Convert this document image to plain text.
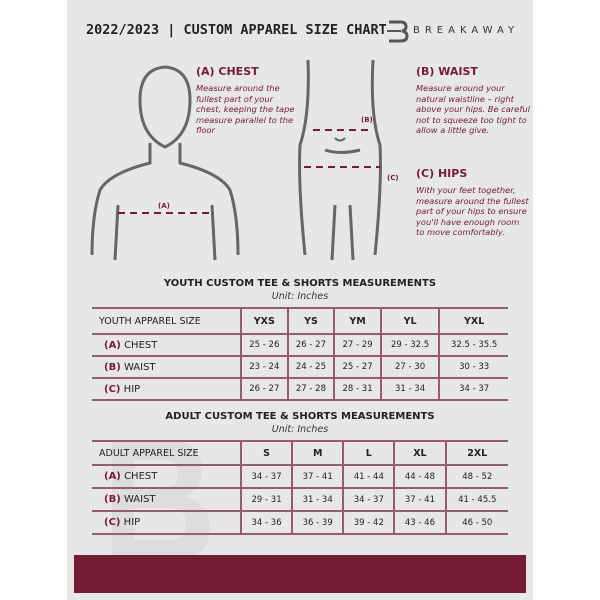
2022/2023 | CUSTOM APPAREL SIZE CHART	BREAKAWAY
(A)
(B)
(C)
(A) CHEST
Measure around the fullest part of your chest, keeping the tape measure parallel to the floor
(B) WAIST
Measure around your natural waistline – right above your hips. Be careful not to squeeze too tight to allow a little give.
(C) HIPS
With your feet together, measure around the fullest part of your hips to ensure you'll have enough room to move comfortably.
YOUTH CUSTOM TEE & SHORTS MEASUREMENTS
Unit: Inches
YOUTH APPAREL SIZE	YXS	YS	YM	YL	YXL
(A) CHEST	25 - 26	26 - 27	27 - 29	29 - 32.5	32.5 - 35.5
(B) WAIST	23 - 24	24 - 25	25 - 27	27 - 30	30 - 33
(C) HIP	26 - 27	27 - 28	28 - 31	31 - 34	34 - 37
ADULT CUSTOM TEE & SHORTS MEASUREMENTS
Unit: Inches
ADULT APPAREL SIZE	S	M	L	XL	2XL
(A) CHEST	34 - 37	37 - 41	41 - 44	44 - 48	48 - 52
(B) WAIST	29 - 31	31 - 34	34 - 37	37 - 41	41 - 45.5
(C) HIP	34 - 36	36 - 39	39 - 42	43 - 46	46 - 50
